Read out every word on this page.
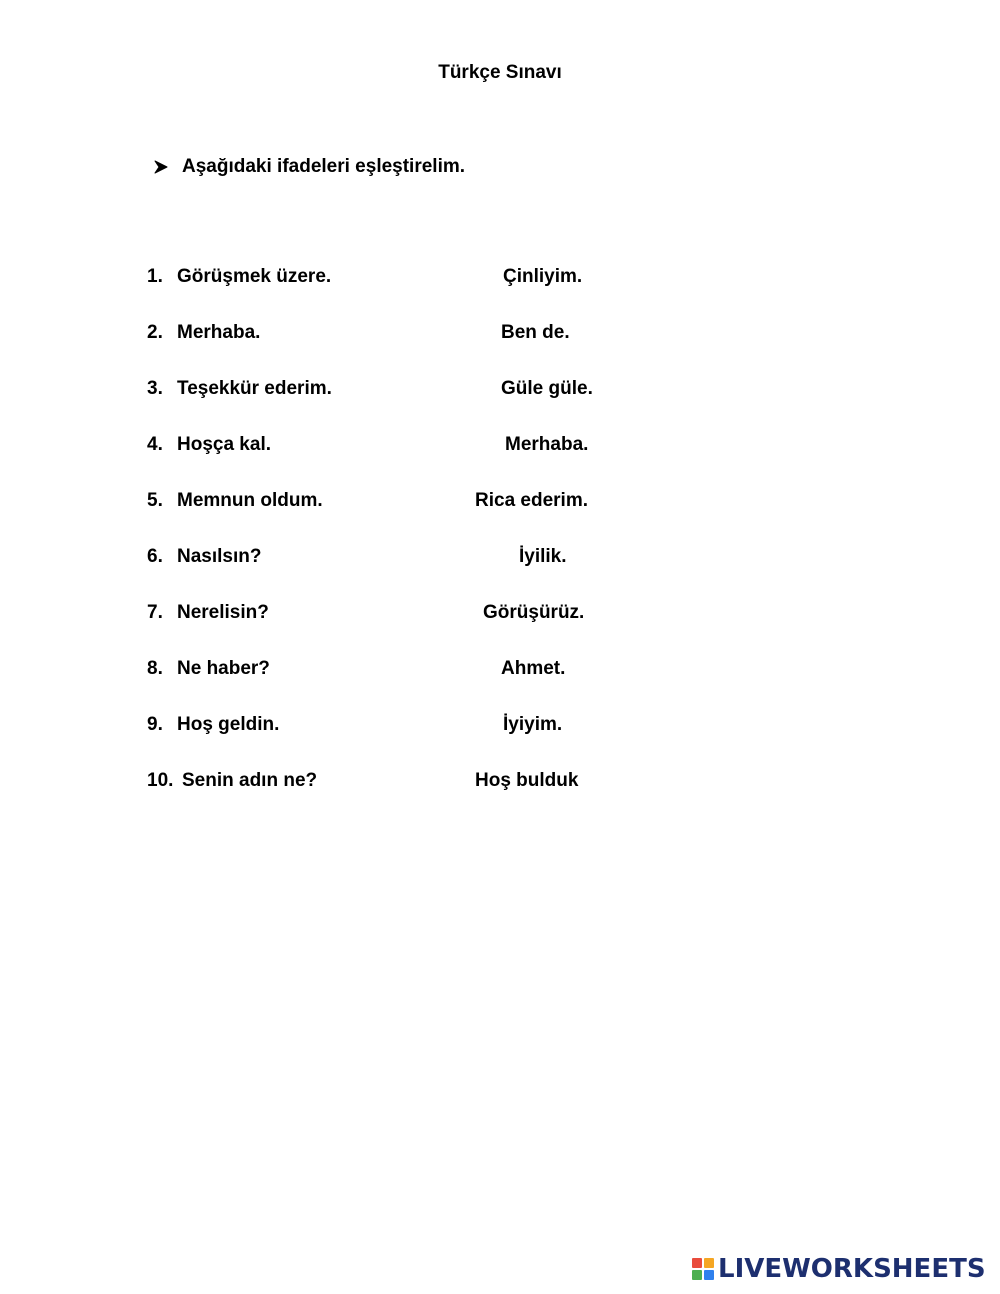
Türkçe Sınavı
Aşağıdaki ifadeleri eşleştirelim.
1. Görüşmek üzere.	Çinliyim.
2. Merhaba.	Ben de.
3. Teşekkür ederim.	Güle güle.
4. Hoşça kal.	Merhaba.
5. Memnun oldum.	Rica ederim.
6. Nasılsın?	İyilik.
7. Nerelisin?	Görüşürüz.
8. Ne haber?	Ahmet.
9. Hoş geldin.	İyiyim.
10. Senin adın ne?	Hoş bulduk
LIVEWORKSHEETS
